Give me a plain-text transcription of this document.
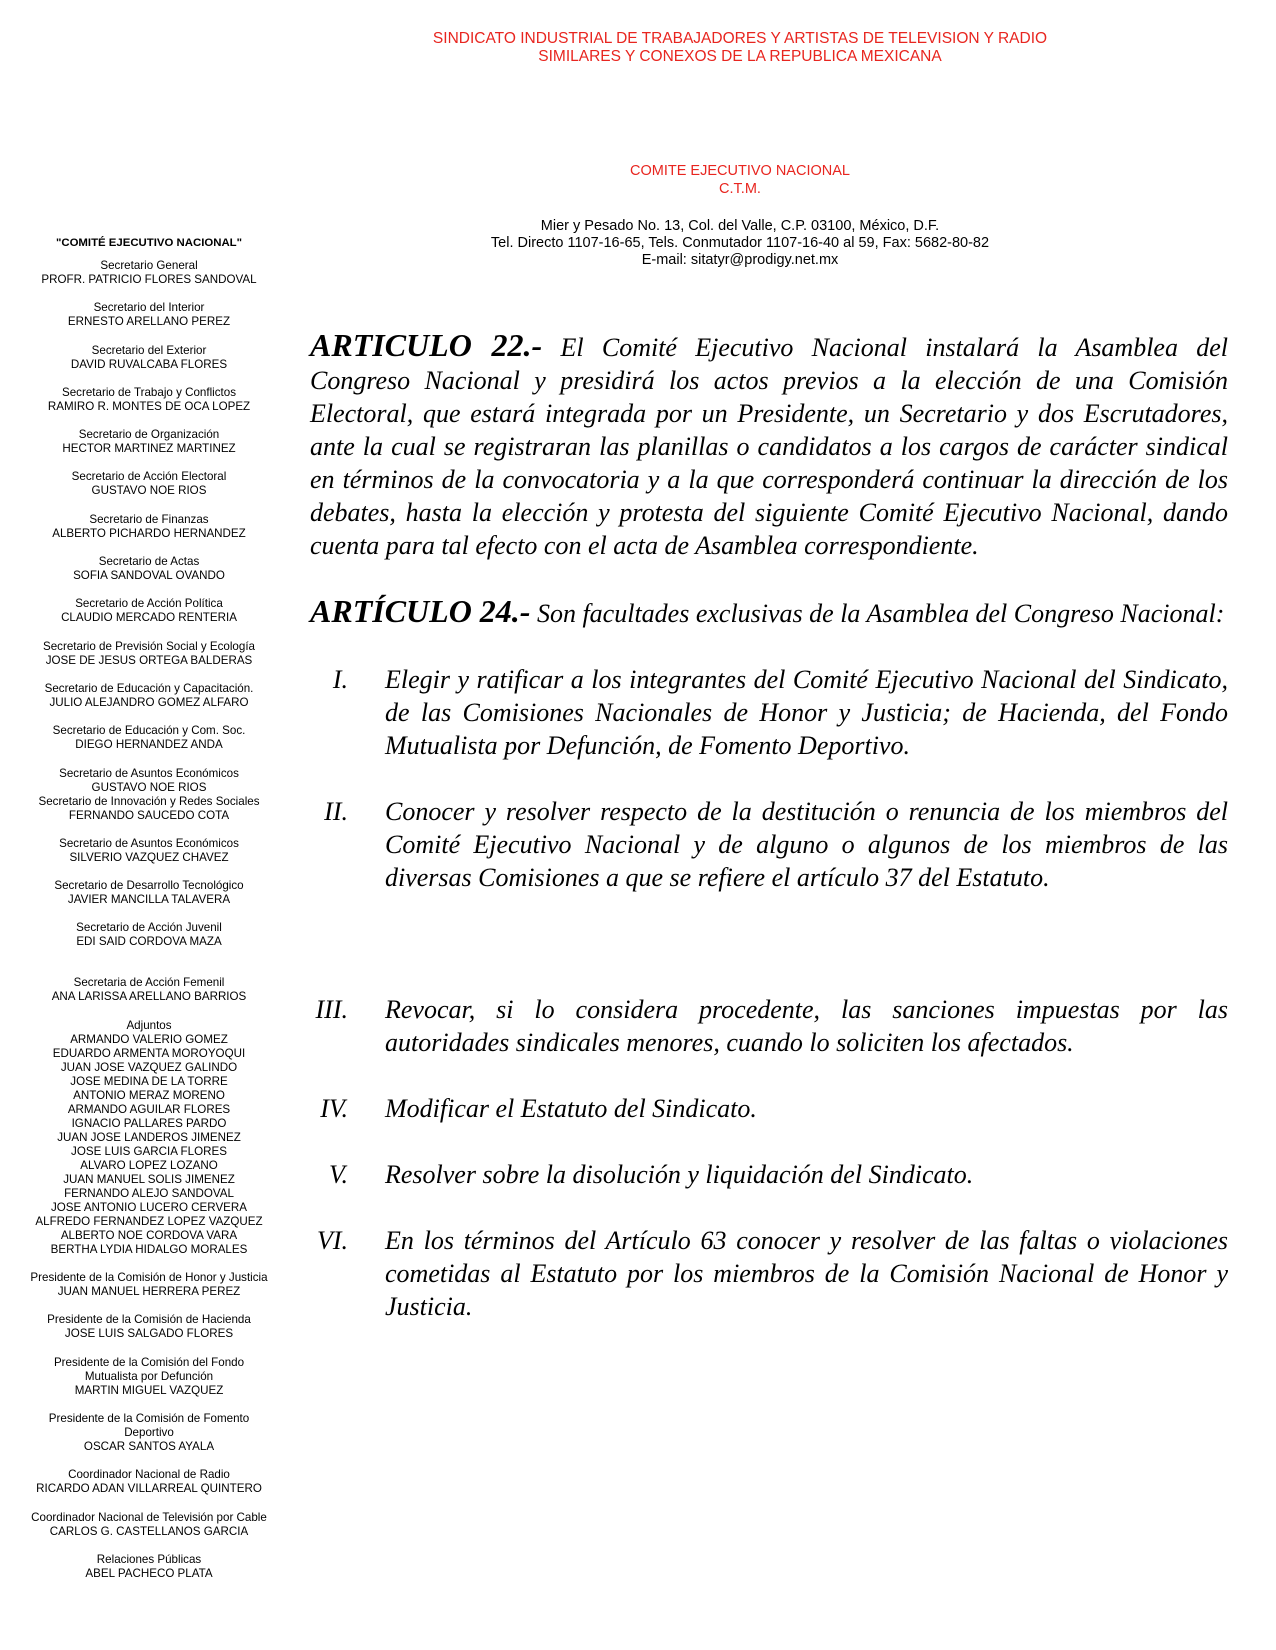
SINDICATO INDUSTRIAL DE TRABAJADORES Y ARTISTAS DE TELEVISION Y RADIO
SIMILARES Y CONEXOS DE LA REPUBLICA MEXICANA
COMITE EJECUTIVO NACIONAL
C.T.M.
Mier y Pesado No. 13, Col. del Valle, C.P. 03100, México, D.F.
Tel. Directo 1107-16-65, Tels. Conmutador 1107-16-40 al 59, Fax: 5682-80-82
E-mail: sitatyr@prodigy.net.mx
"COMITÉ EJECUTIVO NACIONAL"
Secretario General
PROFR. PATRICIO FLORES SANDOVAL
Secretario del Interior
ERNESTO ARELLANO PEREZ
Secretario del Exterior
DAVID RUVALCABA FLORES
Secretario de Trabajo y Conflictos
RAMIRO R. MONTES DE OCA LOPEZ
Secretario de Organización
HECTOR MARTINEZ MARTINEZ
Secretario de Acción Electoral
GUSTAVO NOE RIOS
Secretario de Finanzas
ALBERTO PICHARDO HERNANDEZ
Secretario de Actas
SOFIA SANDOVAL OVANDO
Secretario de Acción Política
CLAUDIO MERCADO RENTERIA
Secretario de Previsión Social y Ecología
JOSE DE JESUS ORTEGA BALDERAS
Secretario de Educación y Capacitación.
JULIO ALEJANDRO GOMEZ ALFARO
Secretario de Educación y Com. Soc.
DIEGO HERNANDEZ ANDA
Secretario de Asuntos Económicos
GUSTAVO NOE RIOS
Secretario de Innovación y Redes Sociales
FERNANDO SAUCEDO COTA
Secretario de Asuntos Económicos
SILVERIO VAZQUEZ CHAVEZ
Secretario de Desarrollo Tecnológico
JAVIER MANCILLA TALAVERA
Secretario de Acción Juvenil
EDI SAID CORDOVA MAZA
Secretaria de Acción Femenil
ANA LARISSA ARELLANO BARRIOS
Adjuntos
ARMANDO VALERIO GOMEZ
EDUARDO ARMENTA MOROYOQUI
JUAN JOSE VAZQUEZ GALINDO
JOSE MEDINA DE LA TORRE
ANTONIO MERAZ MORENO
ARMANDO AGUILAR FLORES
IGNACIO PALLARES PARDO
JUAN JOSE LANDEROS JIMENEZ
JOSE LUIS GARCIA FLORES
ALVARO LOPEZ LOZANO
JUAN MANUEL SOLIS JIMENEZ
FERNANDO ALEJO SANDOVAL
JOSE ANTONIO LUCERO CERVERA
ALFREDO FERNANDEZ LOPEZ VAZQUEZ
ALBERTO NOE CORDOVA VARA
BERTHA LYDIA HIDALGO MORALES
Presidente de la Comisión de Honor y Justicia
JUAN MANUEL HERRERA PEREZ
Presidente de la Comisión de Hacienda
JOSE LUIS SALGADO FLORES
Presidente de la Comisión del Fondo
Mutualista por Defunción
MARTIN MIGUEL VAZQUEZ
Presidente de la Comisión de Fomento
Deportivo
OSCAR SANTOS AYALA
Coordinador Nacional de Radio
RICARDO ADAN VILLARREAL QUINTERO
Coordinador Nacional de Televisión por Cable
CARLOS G. CASTELLANOS GARCIA
Relaciones Públicas
ABEL PACHECO PLATA

ARTICULO 22.- El Comité Ejecutivo Nacional instalará la Asamblea del Congreso Nacional y presidirá los actos previos a la elección de una Comisión Electoral, que estará integrada por un Presidente, un Secretario y dos Escrutadores, ante la cual se registraran las planillas o candidatos a los cargos de carácter sindical en términos de la convocatoria y a la que corresponderá continuar la dirección de los debates, hasta la elección y protesta del siguiente Comité Ejecutivo Nacional, dando cuenta para tal efecto con el acta de Asamblea correspondiente.

ARTÍCULO 24.- Son facultades exclusivas de la Asamblea del Congreso Nacional:

I. Elegir y ratificar a los integrantes del Comité Ejecutivo Nacional del Sindicato, de las Comisiones Nacionales de Honor y Justicia; de Hacienda, del Fondo Mutualista por Defunción, de Fomento Deportivo.
II. Conocer y resolver respecto de la destitución o renuncia de los miembros del Comité Ejecutivo Nacional y de alguno o algunos de los miembros de las diversas Comisiones a que se refiere el artículo 37 del Estatuto.
III. Revocar, si lo considera procedente, las sanciones impuestas por las autoridades sindicales menores, cuando lo soliciten los afectados.
IV. Modificar el Estatuto del Sindicato.
V. Resolver sobre la disolución y liquidación del Sindicato.
VI. En los términos del Artículo 63 conocer y resolver de las faltas o violaciones cometidas al Estatuto por los miembros de la Comisión Nacional de Honor y Justicia.
